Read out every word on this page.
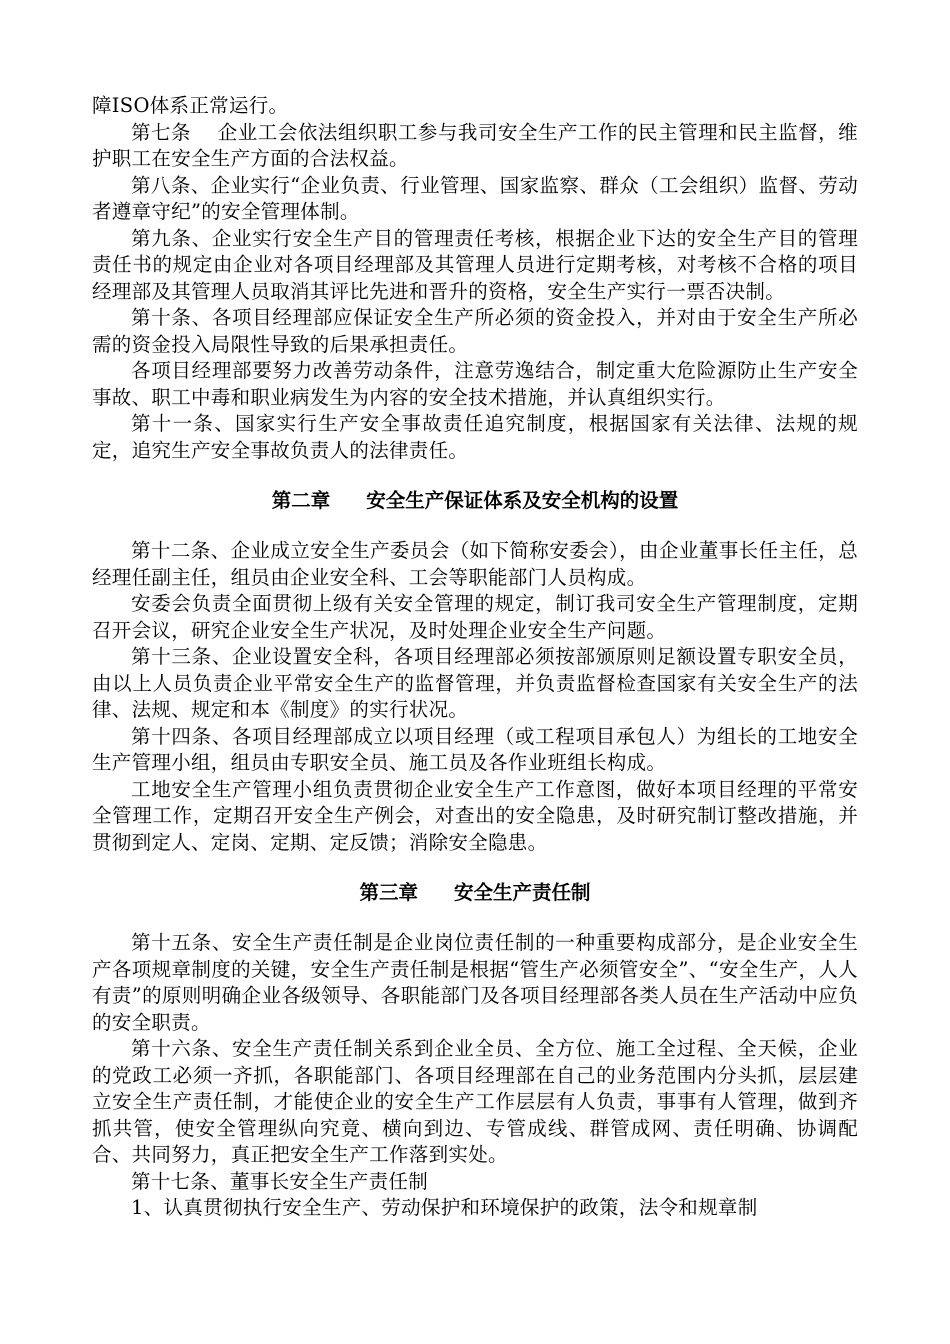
障ISO体系正常运行。

第七条　 企业工会依法组织职工参与我司安全生产工作的民主管理和民主监督，维护职工在安全生产方面的合法权益。

第八条、企业实行“企业负责、行业管理、国家监察、群众（工会组织）监督、劳动者遵章守纪”的安全管理体制。

第九条、企业实行安全生产目的管理责任考核，根据企业下达的安全生产目的管理责任书的规定由企业对各项目经理部及其管理人员进行定期考核，对考核不合格的项目经理部及其管理人员取消其评比先进和晋升的资格，安全生产实行一票否决制。

第十条、各项目经理部应保证安全生产所必须的资金投入，并对由于安全生产所必需的资金投入局限性导致的后果承担责任。

各项目经理部要努力改善劳动条件，注意劳逸结合，制定重大危险源防止生产安全事故、职工中毒和职业病发生为内容的安全技术措施，并认真组织实行。

第十一条、国家实行生产安全事故责任追究制度，根据国家有关法律、法规的规定，追究生产安全事故负责人的法律责任。

第二章 安全生产保证体系及安全机构的设置

第十二条、企业成立安全生产委员会（如下简称安委会），由企业董事长任主任，总经理任副主任，组员由企业安全科、工会等职能部门人员构成。

安委会负责全面贯彻上级有关安全管理的规定，制订我司安全生产管理制度，定期召开会议，研究企业安全生产状况，及时处理企业安全生产问题。

第十三条、企业设置安全科，各项目经理部必须按部颁原则足额设置专职安全员，由以上人员负责企业平常安全生产的监督管理，并负责监督检查国家有关安全生产的法律、法规、规定和本《制度》的实行状况。

第十四条、各项目经理部成立以项目经理（或工程项目承包人）为组长的工地安全生产管理小组，组员由专职安全员、施工员及各作业班组长构成。

工地安全生产管理小组负责贯彻企业安全生产工作意图，做好本项目经理的平常安全管理工作，定期召开安全生产例会，对查出的安全隐患，及时研究制订整改措施，并贯彻到定人、定岗、定期、定反馈；消除安全隐患。

第三章 安全生产责任制

第十五条、安全生产责任制是企业岗位责任制的一种重要构成部分，是企业安全生产各项规章制度的关键，安全生产责任制是根据“管生产必须管安全”、“安全生产，人人有责”的原则明确企业各级领导、各职能部门及各项目经理部各类人员在生产活动中应负的安全职责。

第十六条、安全生产责任制关系到企业全员、全方位、施工全过程、全天候，企业的党政工必须一齐抓，各职能部门、各项目经理部在自己的业务范围内分头抓，层层建立安全生产责任制，才能使企业的安全生产工作层层有人负责，事事有人管理，做到齐抓共管，使安全管理纵向究竟、横向到边、专管成线、群管成网、责任明确、协调配合、共同努力，真正把安全生产工作落到实处。

第十七条、董事长安全生产责任制

1、认真贯彻执行安全生产、劳动保护和环境保护的政策，法令和规章制
